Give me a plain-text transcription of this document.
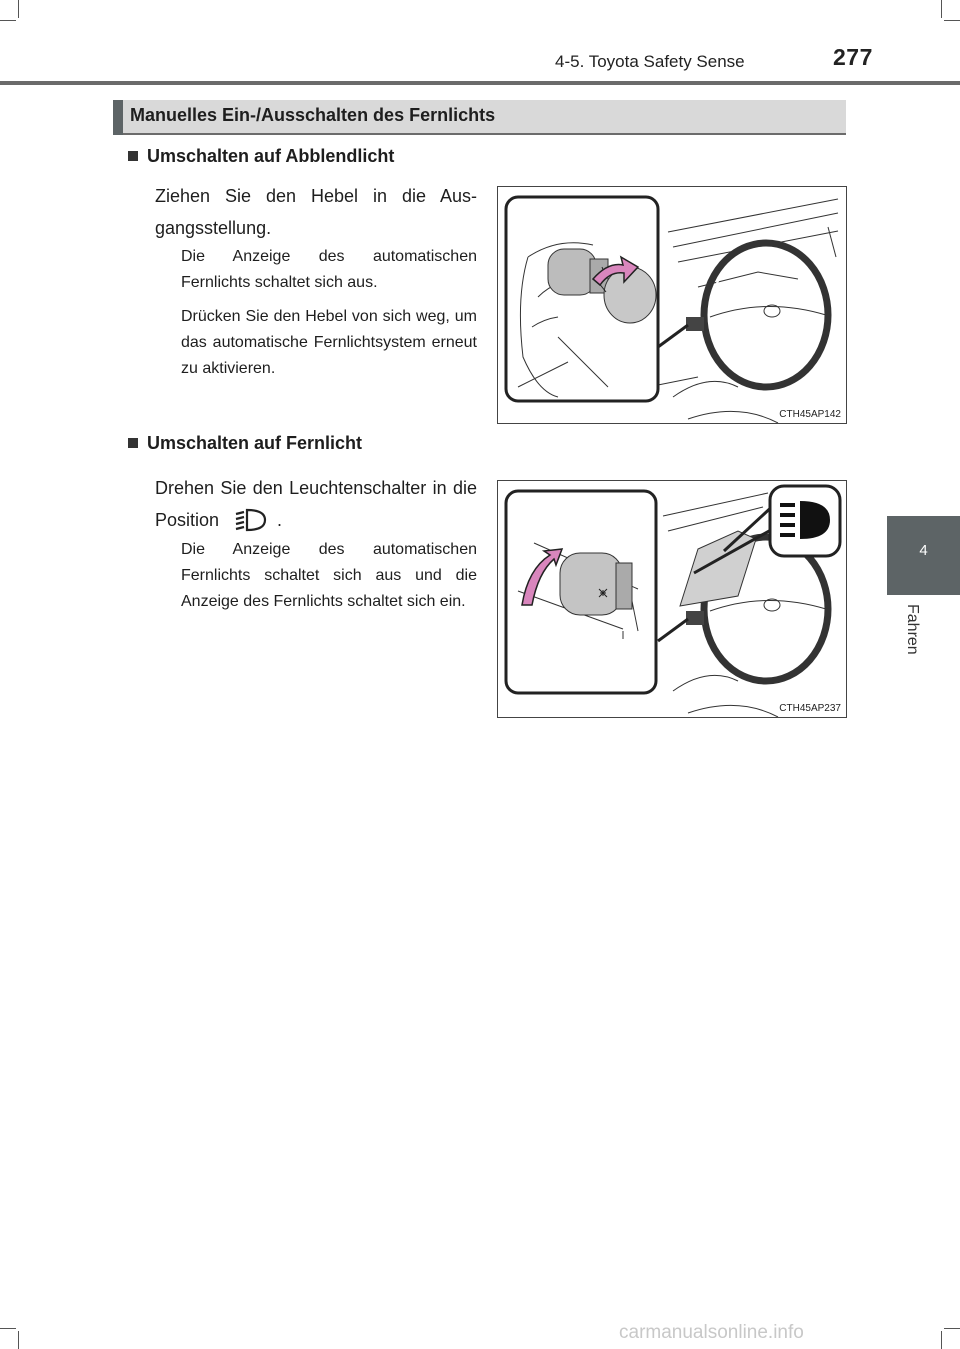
4-5. Toyota Safety Sense	277
4
Fahren
Manuelles Ein-/Ausschalten des Fernlichts
Umschalten auf Abblendlicht
Ziehen Sie den Hebel in die Ausgangsstellung.
Die Anzeige des automatischen Fernlichts schaltet sich aus.
Drücken Sie den Hebel von sich weg, um das automatische Fernlichtsystem erneut zu aktivieren.
CTH45AP142
Umschalten auf Fernlicht
Drehen Sie den Leuchtenschalter in die Position	.
Die Anzeige des automatischen Fernlichts schaltet sich aus und die Anzeige des Fernlichts schaltet sich ein.
CTH45AP237
carmanualsonline.info
